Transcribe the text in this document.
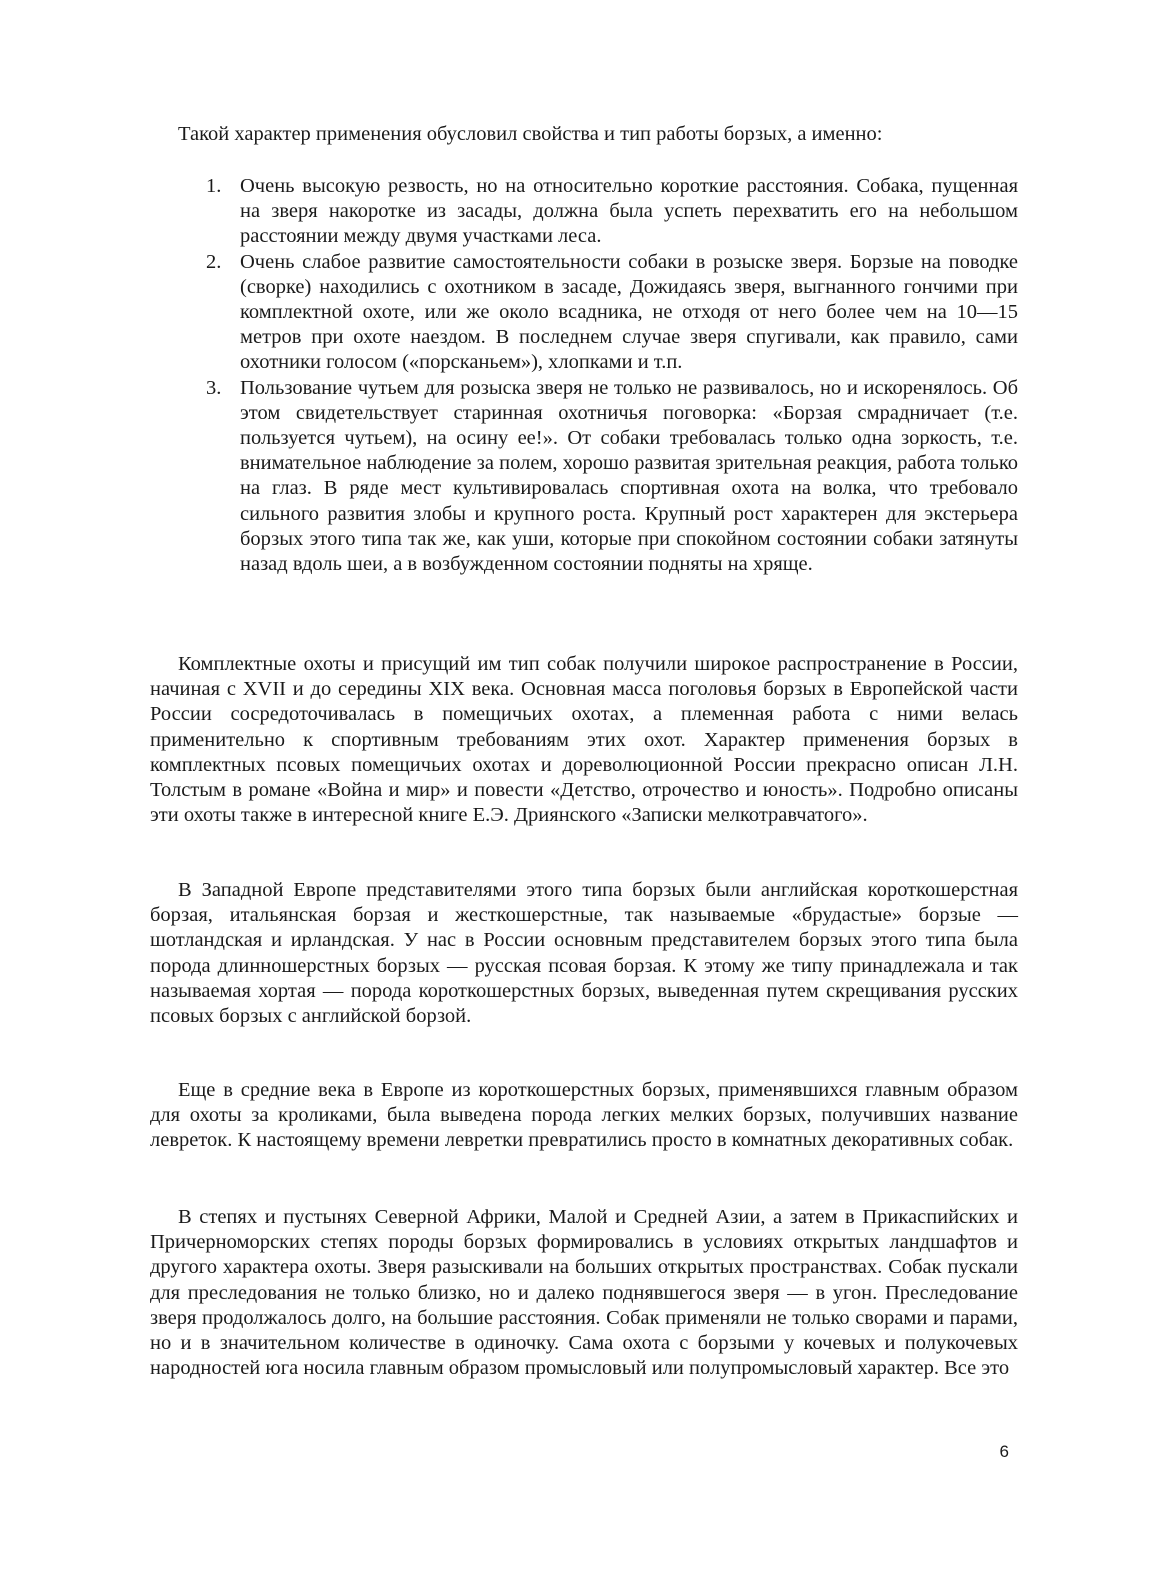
Такой характер применения обусловил свойства и тип работы борзых, а именно:

1. Очень высокую резвость, но на относительно короткие расстояния. Собака, пущенная на зверя накоротке из засады, должна была успеть перехватить его на небольшом расстоянии между двумя участками леса.
2. Очень слабое развитие самостоятельности собаки в розыске зверя. Борзые на поводке (сворке) находились с охотником в засаде, Дожидаясь зверя, выгнанного гончими при комплектной охоте, или же около всадника, не отходя от него более чем на 10—15 метров при охоте наездом. В последнем случае зверя спугивали, как правило, сами охотники голосом («порсканьем»), хлопками и т.п.
3. Пользование чутьем для розыска зверя не только не развивалось, но и искоренялось. Об этом свидетельствует старинная охотничья поговорка: «Борзая смрадничает (т.е. пользуется чутьем), на осину ее!». От собаки требовалась только одна зоркость, т.е. внимательное наблюдение за полем, хорошо развитая зрительная реакция, работа только на глаз. В ряде мест культивировалась спортивная охота на волка, что требовало сильного развития злобы и крупного роста. Крупный рост характерен для экстерьера борзых этого типа так же, как уши, которые при спокойном состоянии собаки затянуты назад вдоль шеи, а в возбужденном состоянии подняты на хряще.

Комплектные охоты и присущий им тип собак получили широкое распространение в России, начиная с XVII и до середины XIX века. Основная масса поголовья борзых в Европейской части России сосредоточивалась в помещичьих охотах, а племенная работа с ними велась применительно к спортивным требованиям этих охот. Характер применения борзых в комплектных псовых помещичьих охотах и дореволюционной России прекрасно описан Л.Н. Толстым в романе «Война и мир» и повести «Детство, отрочество и юность». Подробно описаны эти охоты также в интересной книге Е.Э. Дриянского «Записки мелкотравчатого».

В Западной Европе представителями этого типа борзых были английская короткошерстная борзая, итальянская борзая и жесткошерстные, так называемые «брудастые» борзые — шотландская и ирландская. У нас в России основным представителем борзых этого типа была порода длинношерстных борзых — русская псовая борзая. К этому же типу принадлежала и так называемая хортая — порода короткошерстных борзых, выведенная путем скрещивания русских псовых борзых с английской борзой.

Еще в средние века в Европе из короткошерстных борзых, применявшихся главным образом для охоты за кроликами, была выведена порода легких мелких борзых, получивших название левреток. К настоящему времени левретки превратились просто в комнатных декоративных собак.

В степях и пустынях Северной Африки, Малой и Средней Азии, а затем в Прикаспийских и Причерноморских степях породы борзых формировались в условиях открытых ландшафтов и другого характера охоты. Зверя разыскивали на больших открытых пространствах. Собак пускали для преследования не только близко, но и далеко поднявшегося зверя — в угон. Преследование зверя продолжалось долго, на большие расстояния. Собак применяли не только сворами и парами, но и в значительном количестве в одиночку. Сама охота с борзыми у кочевых и полукочевых народностей юга носила главным образом промысловый или полупромысловый характер. Все это

6
